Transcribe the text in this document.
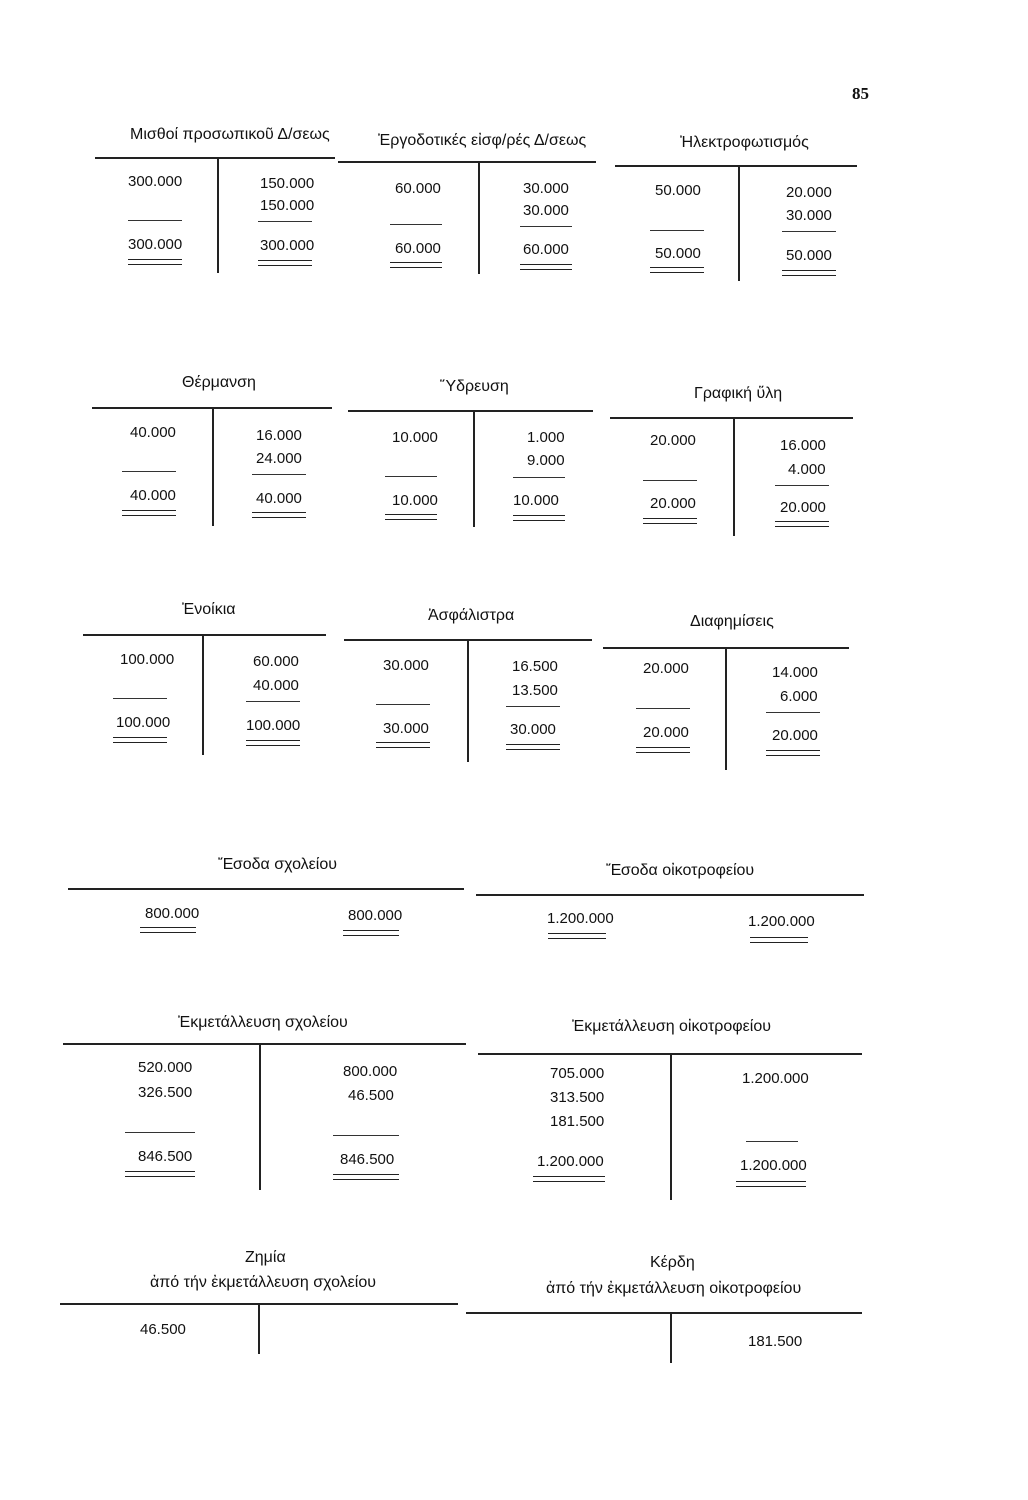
85
Μισθοί προσωπικοῦ Δ/σεως
300.000
300.000
150.000
150.000
300.000
Ἐργοδοτικές εἰσφ/ρές Δ/σεως
60.000
60.000
30.000
30.000
60.000
Ἠλεκτροφωτισμός
50.000
50.000
20.000
30.000
50.000
Θέρμανση
40.000
40.000
16.000
24.000
40.000
Ὕδρευση
10.000
10.000
1.000
9.000
10.000
Γραφική ὕλη
20.000
20.000
16.000
4.000
20.000
Ἐνοίκια
100.000
100.000
60.000
40.000
100.000
Ἀσφάλιστρα
30.000
30.000
16.500
13.500
30.000
Διαφημίσεις
20.000
20.000
14.000
6.000
20.000
Ἔσοδα σχολείου
800.000	800.000
Ἔσοδα οἰκοτροφείου
1.200.000	1.200.000
Ἐκμετάλλευση σχολείου
520.000
326.500
846.500
800.000
46.500
846.500
Ἐκμετάλλευση οἰκοτροφείου
705.000
313.500
181.500
1.200.000
1.200.000
1.200.000
Ζημία
ἀπό τήν ἐκμετάλλευση σχολείου
46.500
Κέρδη
ἀπό τήν ἐκμετάλλευση οἰκοτροφείου
181.500
